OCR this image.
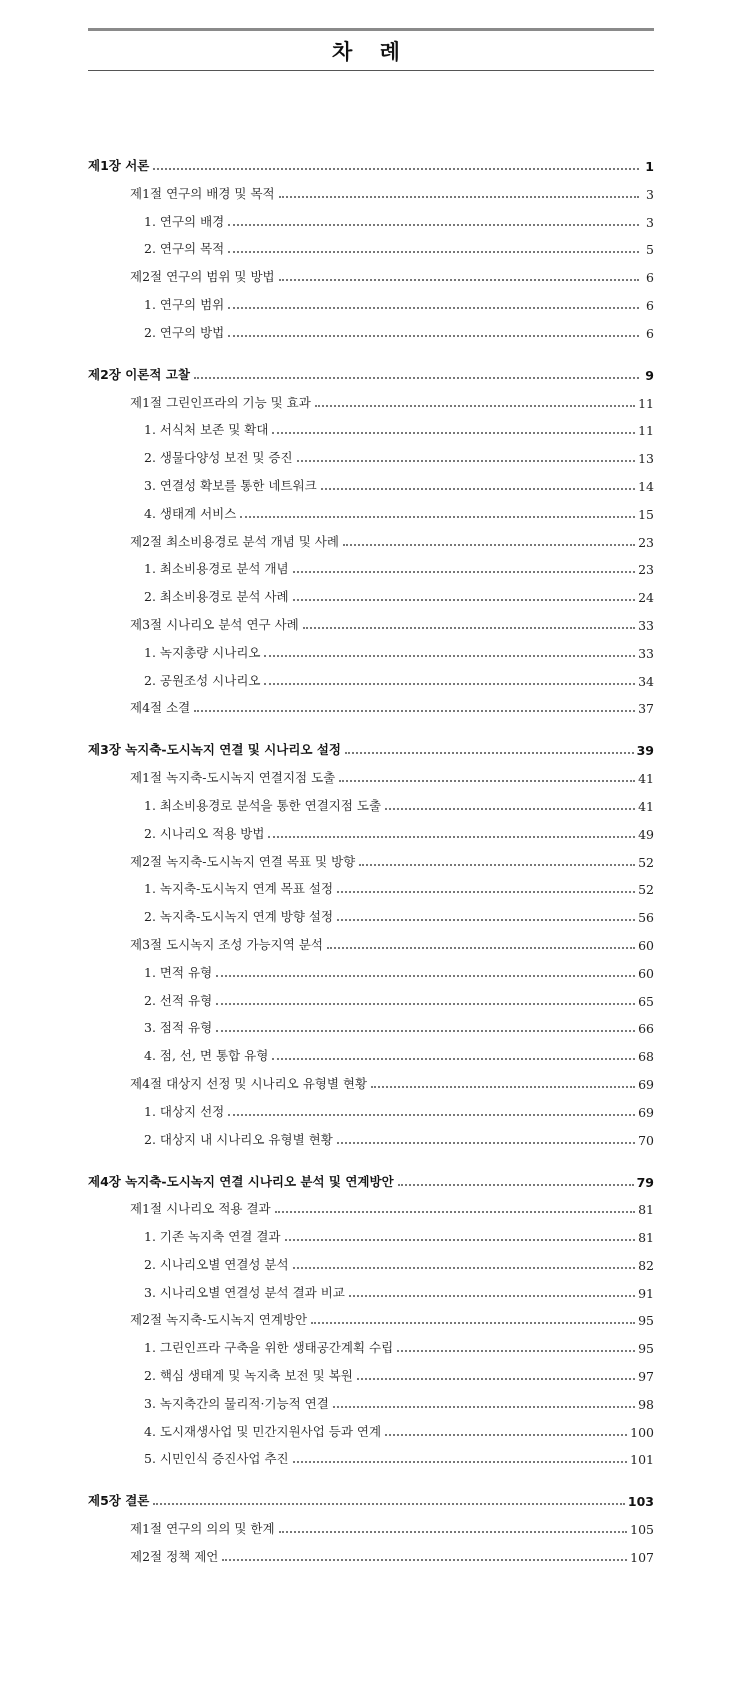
차 례
제1장 서론	1
제1절 연구의 배경 및 목적	3
1. 연구의 배경	3
2. 연구의 목적	5
제2절 연구의 범위 및 방법	6
1. 연구의 범위	6
2. 연구의 방법	6
제2장 이론적 고찰	9
제1절 그린인프라의 기능 및 효과	11
1. 서식처 보존 및 확대	11
2. 생물다양성 보전 및 증진	13
3. 연결성 확보를 통한 네트워크	14
4. 생태계 서비스	15
제2절 최소비용경로 분석 개념 및 사례	23
1. 최소비용경로 분석 개념	23
2. 최소비용경로 분석 사례	24
제3절 시나리오 분석 연구 사례	33
1. 녹지총량 시나리오	33
2. 공원조성 시나리오	34
제4절 소결	37
제3장 녹지축-도시녹지 연결 및 시나리오 설정	39
제1절 녹지축-도시녹지 연결지점 도출	41
1. 최소비용경로 분석을 통한 연결지점 도출	41
2. 시나리오 적용 방법	49
제2절 녹지축-도시녹지 연결 목표 및 방향	52
1. 녹지축-도시녹지 연계 목표 설정	52
2. 녹지축-도시녹지 연계 방향 설정	56
제3절 도시녹지 조성 가능지역 분석	60
1. 면적 유형	60
2. 선적 유형	65
3. 점적 유형	66
4. 점, 선, 면 통합 유형	68
제4절 대상지 선정 및 시나리오 유형별 현황	69
1. 대상지 선정	69
2. 대상지 내 시나리오 유형별 현황	70
제4장 녹지축-도시녹지 연결 시나리오 분석 및 연계방안	79
제1절 시나리오 적용 결과	81
1. 기존 녹지축 연결 결과	81
2. 시나리오별 연결성 분석	82
3. 시나리오별 연결성 분석 결과 비교	91
제2절 녹지축-도시녹지 연계방안	95
1. 그린인프라 구축을 위한 생태공간계획 수립	95
2. 핵심 생태계 및 녹지축 보전 및 복원	97
3. 녹지축간의 물리적·기능적 연결	98
4. 도시재생사업 및 민간지원사업 등과 연계	100
5. 시민인식 증진사업 추진	101
제5장 결론	103
제1절 연구의 의의 및 한계	105
제2절 정책 제언	107
